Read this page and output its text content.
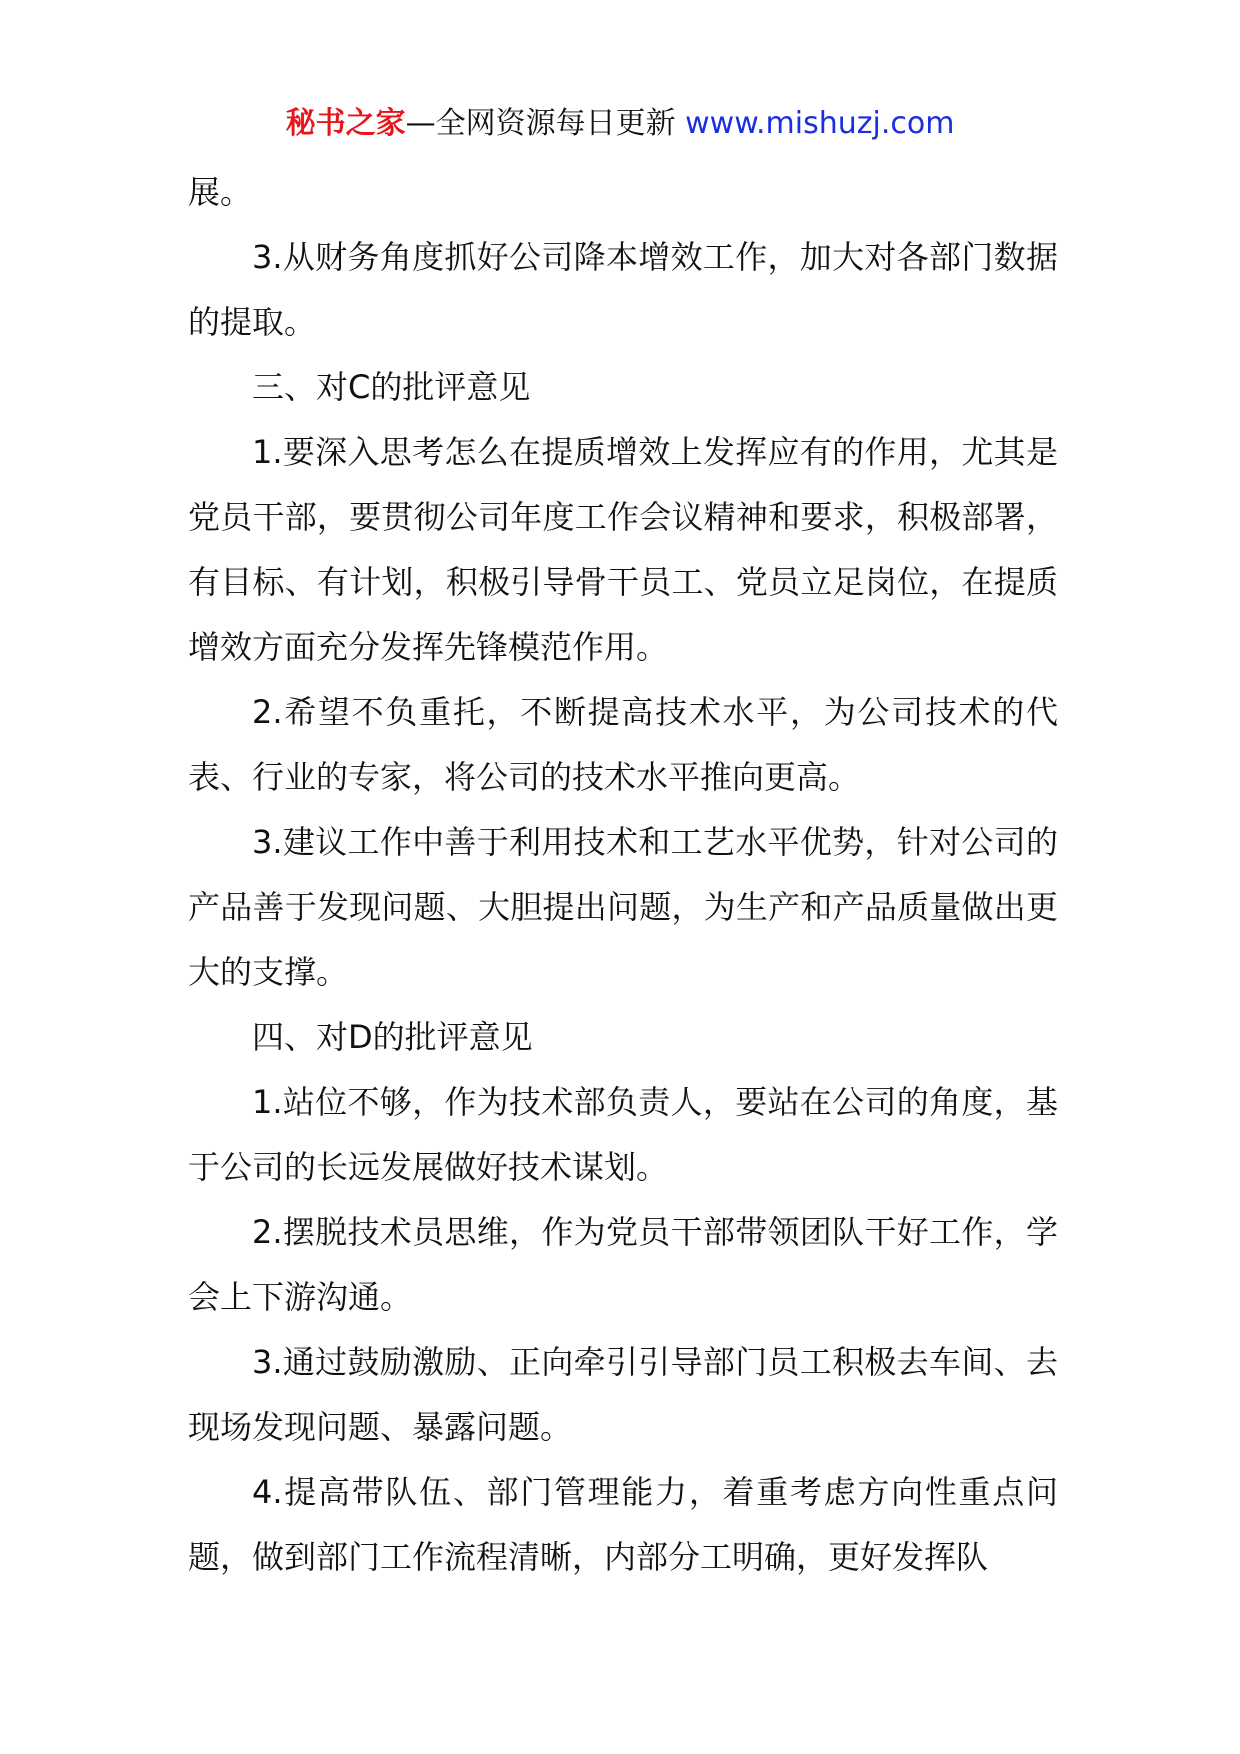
秘书之家—全网资源每日更新 www.mishuzj.com

展。

3.从财务角度抓好公司降本增效工作，加大对各部门数据的提取。

三、对C的批评意见

1.要深入思考怎么在提质增效上发挥应有的作用，尤其是党员干部，要贯彻公司年度工作会议精神和要求，积极部署，有目标、有计划，积极引导骨干员工、党员立足岗位，在提质增效方面充分发挥先锋模范作用。

2.希望不负重托，不断提高技术水平，为公司技术的代表、行业的专家，将公司的技术水平推向更高。

3.建议工作中善于利用技术和工艺水平优势，针对公司的产品善于发现问题、大胆提出问题，为生产和产品质量做出更大的支撑。

四、对D的批评意见

1.站位不够，作为技术部负责人，要站在公司的角度，基于公司的长远发展做好技术谋划。

2.摆脱技术员思维，作为党员干部带领团队干好工作，学会上下游沟通。

3.通过鼓励激励、正向牵引引导部门员工积极去车间、去现场发现问题、暴露问题。

4.提高带队伍、部门管理能力，着重考虑方向性重点问题，做到部门工作流程清晰，内部分工明确，更好发挥队
